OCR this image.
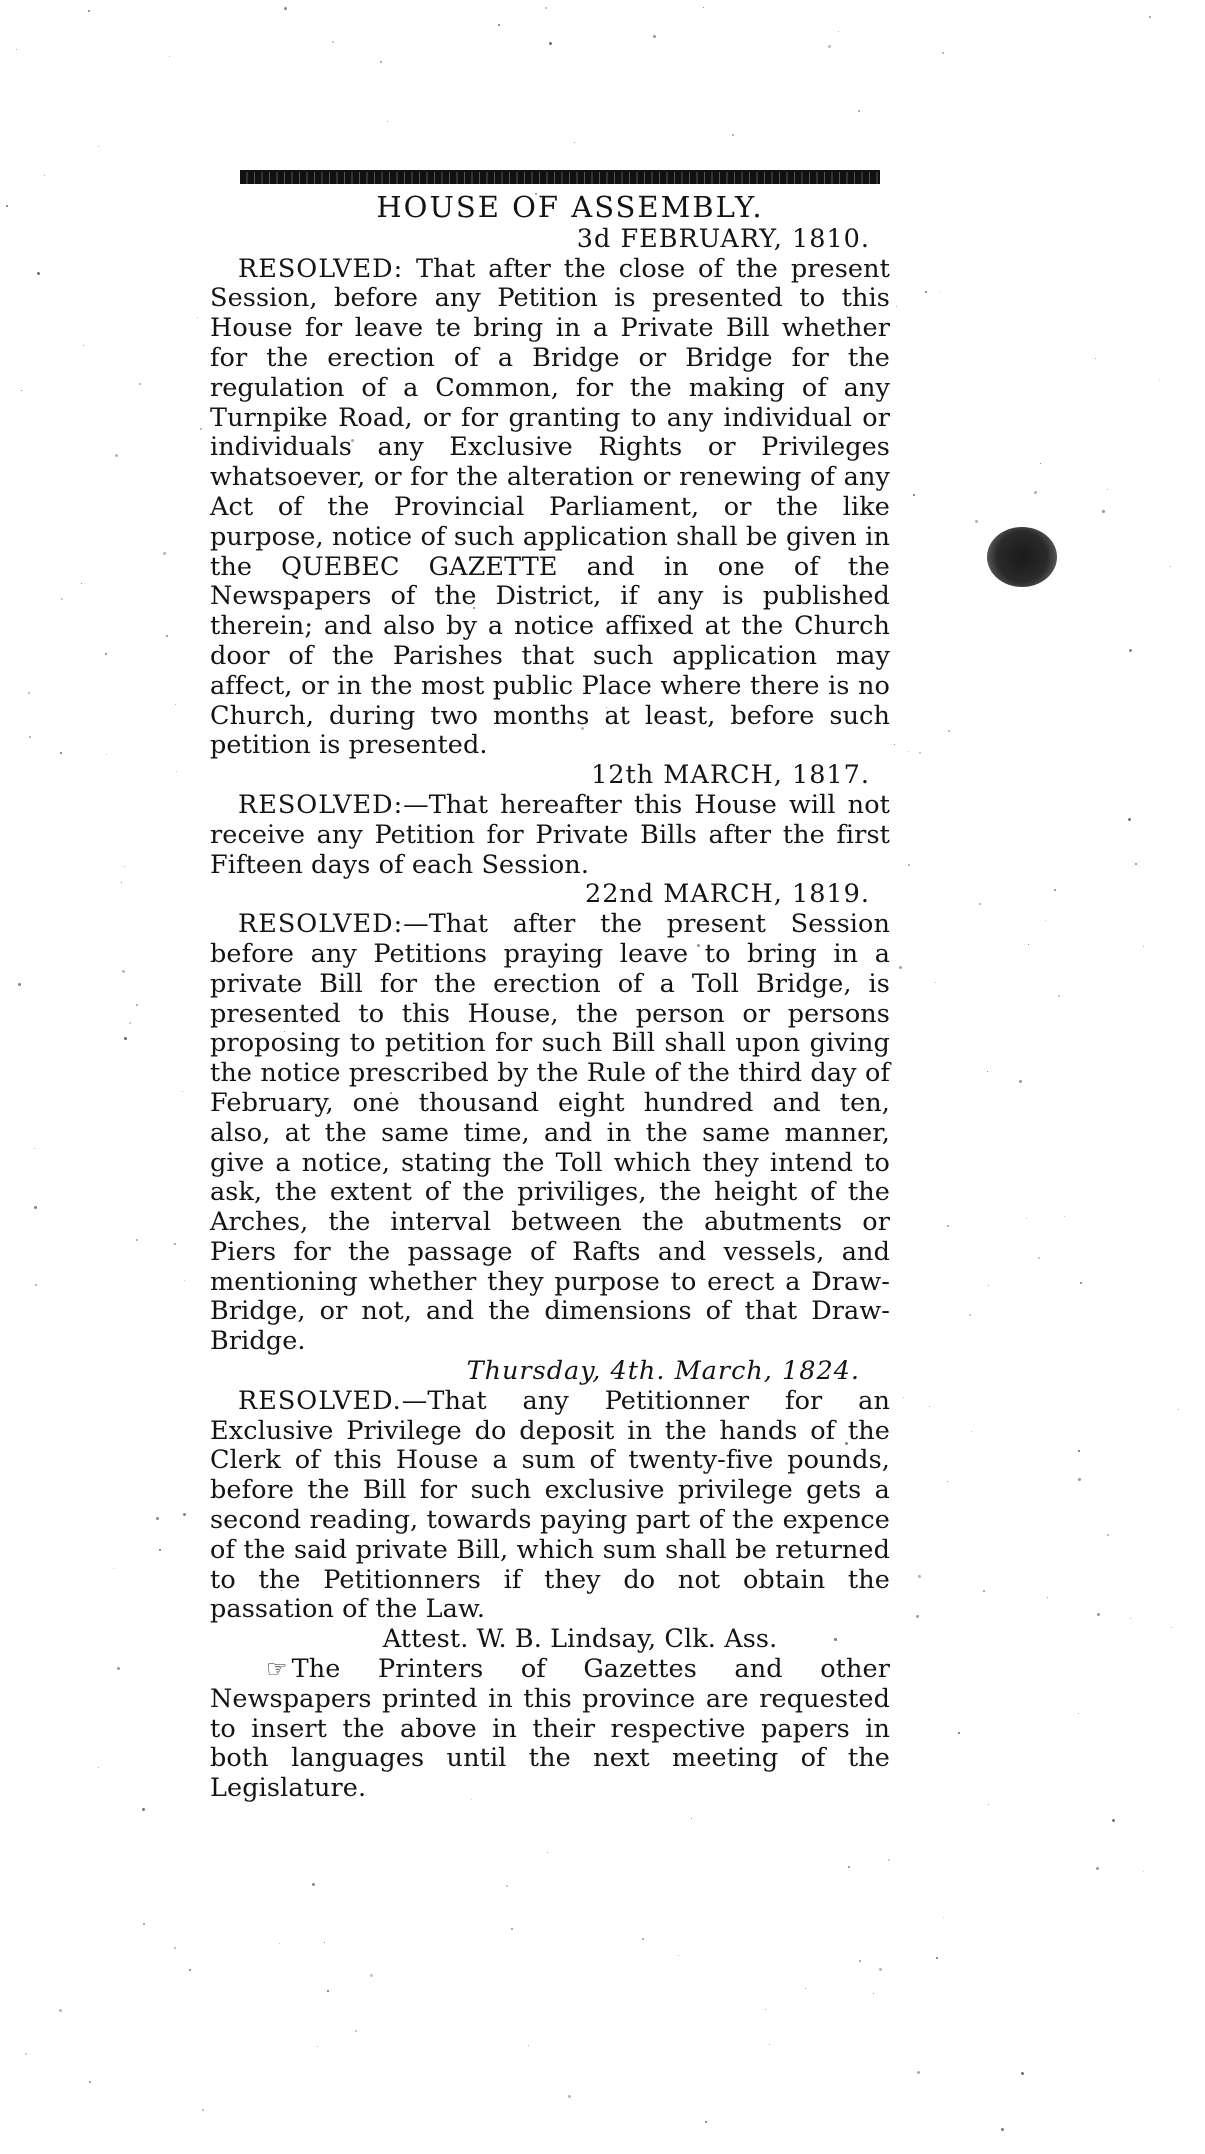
HOUSE OF ASSEMBLY.

3d FEBRUARY, 1810.

RESOLVED: That after the close of the present Session, before any Petition is presented to this House for leave te bring in a Private Bill whether for the erection of a Bridge or Bridge for the regulation of a Common, for the making of any Turnpike Road, or for granting to any individual or individuals any Exclusive Rights or Privileges whatsoever, or for the alteration or renewing of any Act of the Provincial Parliament, or the like purpose, notice of such application shall be given in the QUEBEC GAZETTE and in one of the Newspapers of the District, if any is published therein; and also by a notice affixed at the Church door of the Parishes that such application may affect, or in the most public Place where there is no Church, during two months at least, before such petition is presented.

12th MARCH, 1817.

RESOLVED:—That hereafter this House will not receive any Petition for Private Bills after the first Fifteen days of each Session.

22nd MARCH, 1819.

RESOLVED:—That after the present Session before any Petitions praying leave to bring in a private Bill for the erection of a Toll Bridge, is presented to this House, the person or persons proposing to petition for such Bill shall upon giving the notice prescribed by the Rule of the third day of February, one thousand eight hundred and ten, also, at the same time, and in the same manner, give a notice, stating the Toll which they intend to ask, the extent of the priviliges, the height of the Arches, the interval between the abutments or Piers for the passage of Rafts and vessels, and mentioning whether they purpose to erect a Draw-Bridge, or not, and the dimensions of that Draw-Bridge.

Thursday, 4th. March, 1824.

RESOLVED.—That any Petitionner for an Exclusive Privilege do deposit in the hands of the Clerk of this House a sum of twenty-five pounds, before the Bill for such exclusive privilege gets a second reading, towards paying part of the expence of the said private Bill, which sum shall be returned to the Petitionners if they do not obtain the passation of the Law.

Attest. W. B. Lindsay, Clk. Ass.

☞ The Printers of Gazettes and other Newspapers printed in this province are requested to insert the above in their respective papers in both languages until the next meeting of the Legislature.
